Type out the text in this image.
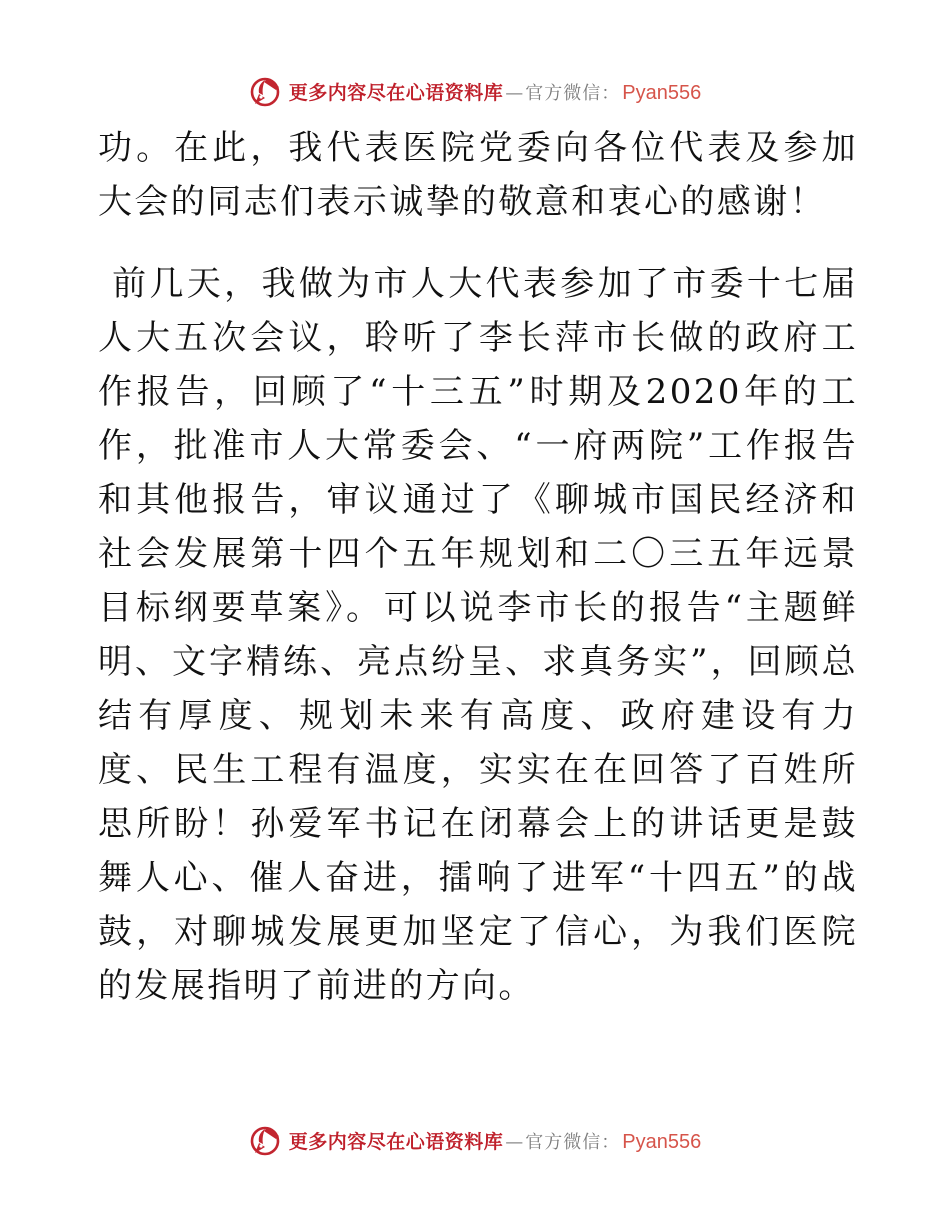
更多内容尽在心语资料库 — 官方微信： Pyan556

功。在此，我代表医院党委向各位代表及参加大会的同志们表示诚挚的敬意和衷心的感谢！

前几天，我做为市人大代表参加了市委十七届人大五次会议，聆听了李长萍市长做的政府工作报告，回顾了“十三五”时期及2020年的工作，批准市人大常委会、“一府两院”工作报告和其他报告，审议通过了《聊城市国民经济和社会发展第十四个五年规划和二〇三五年远景目标纲要草案》。可以说李市长的报告“主题鲜明、文字精练、亮点纷呈、求真务实”，回顾总结有厚度、规划未来有高度、政府建设有力度、民生工程有温度，实实在在回答了百姓所思所盼！孙爱军书记在闭幕会上的讲话更是鼓舞人心、催人奋进，擂响了进军“十四五”的战鼓，对聊城发展更加坚定了信心，为我们医院的发展指明了前进的方向。

更多内容尽在心语资料库 — 官方微信： Pyan556
